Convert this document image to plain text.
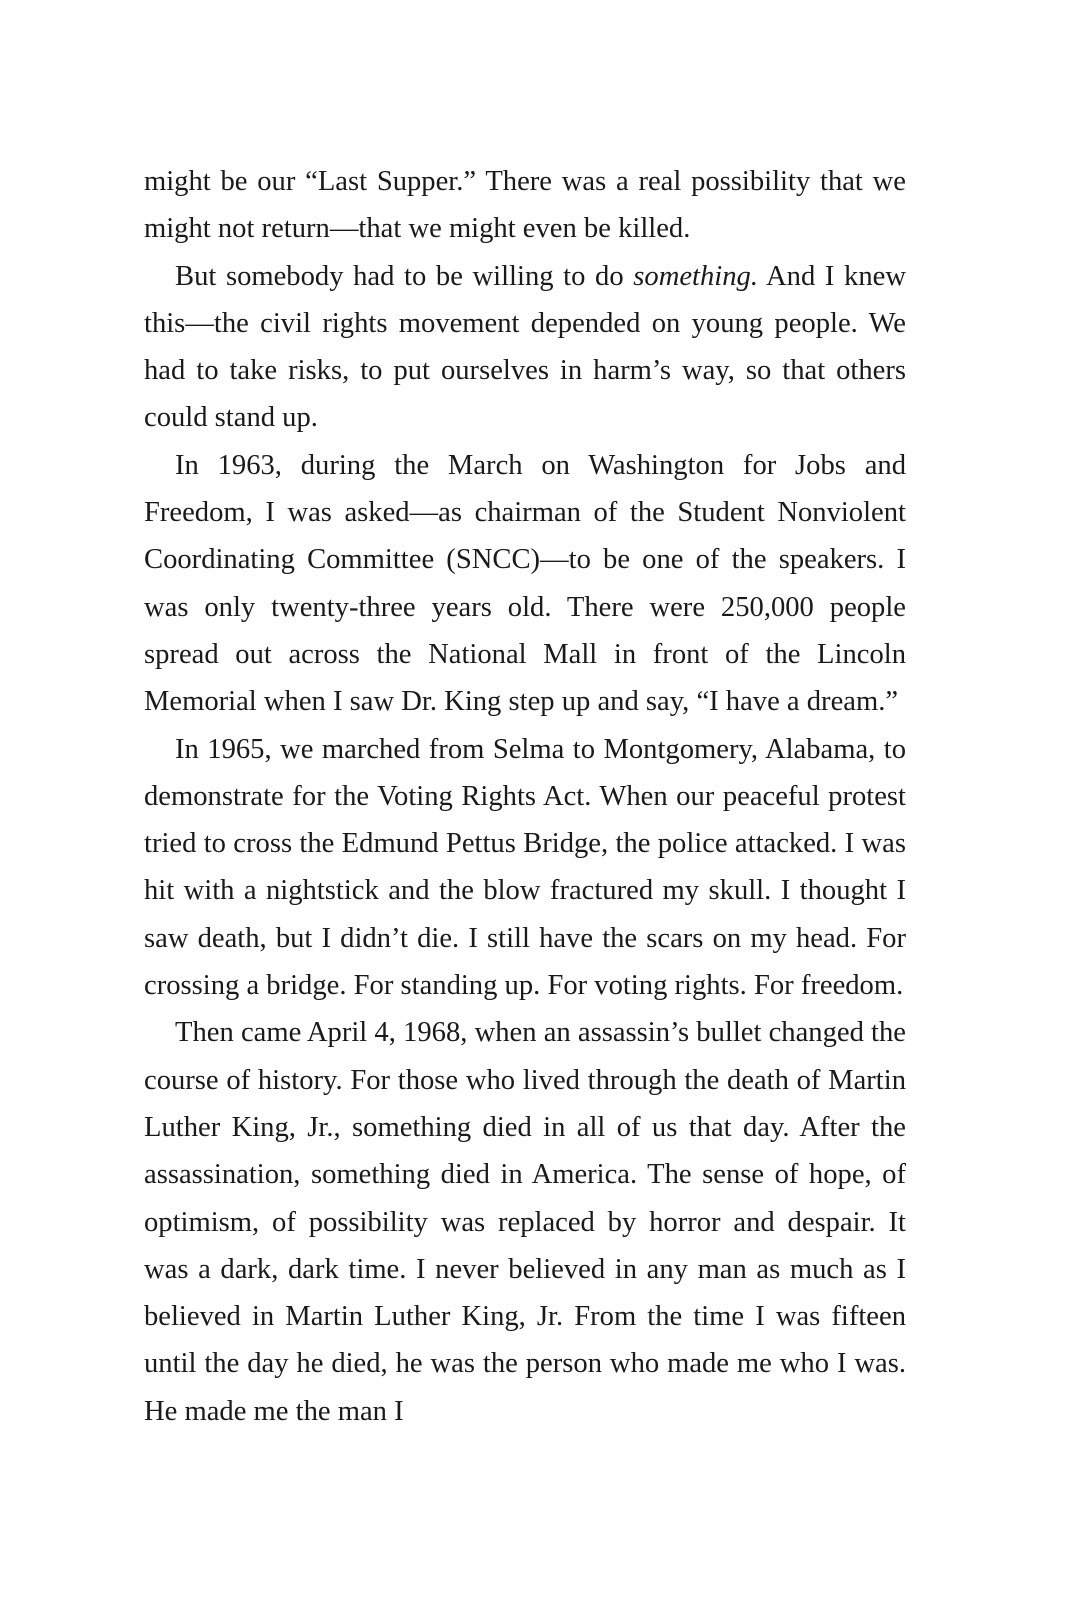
might be our “Last Supper.” There was a real possibility that we might not return—that we might even be killed.

But somebody had to be willing to do something. And I knew this—the civil rights movement depended on young people. We had to take risks, to put ourselves in harm’s way, so that others could stand up.

In 1963, during the March on Washington for Jobs and Freedom, I was asked—as chairman of the Student Nonviolent Coordinating Committee (SNCC)—to be one of the speakers. I was only twenty-three years old. There were 250,000 people spread out across the National Mall in front of the Lincoln Memorial when I saw Dr. King step up and say, “I have a dream.”

In 1965, we marched from Selma to Montgomery, Alabama, to demonstrate for the Voting Rights Act. When our peaceful protest tried to cross the Edmund Pettus Bridge, the police attacked. I was hit with a nightstick and the blow fractured my skull. I thought I saw death, but I didn’t die. I still have the scars on my head. For crossing a bridge. For standing up. For voting rights. For freedom.

Then came April 4, 1968, when an assassin’s bullet changed the course of history. For those who lived through the death of Martin Luther King, Jr., something died in all of us that day. After the assassination, something died in America. The sense of hope, of optimism, of possibility was replaced by horror and despair. It was a dark, dark time. I never believed in any man as much as I believed in Martin Luther King, Jr. From the time I was fifteen until the day he died, he was the person who made me who I was. He made me the man I
